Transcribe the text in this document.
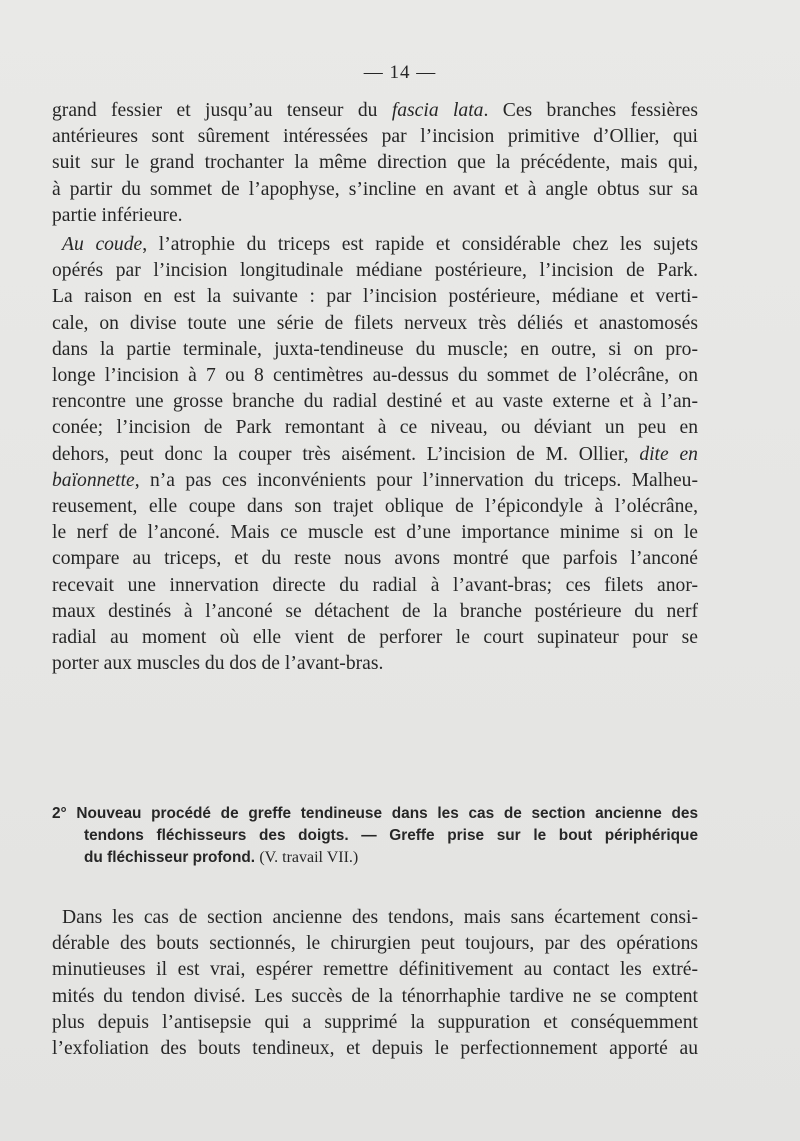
— 14 —
grand fessier et jusqu’au tenseur du fascia lata. Ces branches fessières
antérieures sont sûrement intéressées par l’incision primitive d’Ollier, qui
suit sur le grand trochanter la même direction que la précédente, mais qui,
à partir du sommet de l’apophyse, s’incline en avant et à angle obtus sur sa
partie inférieure.
Au coude, l’atrophie du triceps est rapide et considérable chez les sujets
opérés par l’incision longitudinale médiane postérieure, l’incision de Park.
La raison en est la suivante : par l’incision postérieure, médiane et verti-
cale, on divise toute une série de filets nerveux très déliés et anastomosés
dans la partie terminale, juxta-tendineuse du muscle; en outre, si on pro-
longe l’incision à 7 ou 8 centimètres au-dessus du sommet de l’olécrâne, on
rencontre une grosse branche du radial destiné et au vaste externe et à l’an-
conée; l’incision de Park remontant à ce niveau, ou déviant un peu en
dehors, peut donc la couper très aisément. L’incision de M. Ollier, dite en
baïonnette, n’a pas ces inconvénients pour l’innervation du triceps. Malheu-
reusement, elle coupe dans son trajet oblique de l’épicondyle à l’olécrâne,
le nerf de l’anconé. Mais ce muscle est d’une importance minime si on le
compare au triceps, et du reste nous avons montré que parfois l’anconé
recevait une innervation directe du radial à l’avant-bras; ces filets anor-
maux destinés à l’anconé se détachent de la branche postérieure du nerf
radial au moment où elle vient de perforer le court supinateur pour se
porter aux muscles du dos de l’avant-bras.
2° Nouveau procédé de greffe tendineuse dans les cas de section ancienne des
tendons fléchisseurs des doigts. — Greffe prise sur le bout périphérique
du fléchisseur profond. (V. travail VII.)
Dans les cas de section ancienne des tendons, mais sans écartement consi-
dérable des bouts sectionnés, le chirurgien peut toujours, par des opérations
minutieuses il est vrai, espérer remettre définitivement au contact les extré-
mités du tendon divisé. Les succès de la ténorrhaphie tardive ne se comptent
plus depuis l’antisepsie qui a supprimé la suppuration et conséquemment
l’exfoliation des bouts tendineux, et depuis le perfectionnement apporté au
